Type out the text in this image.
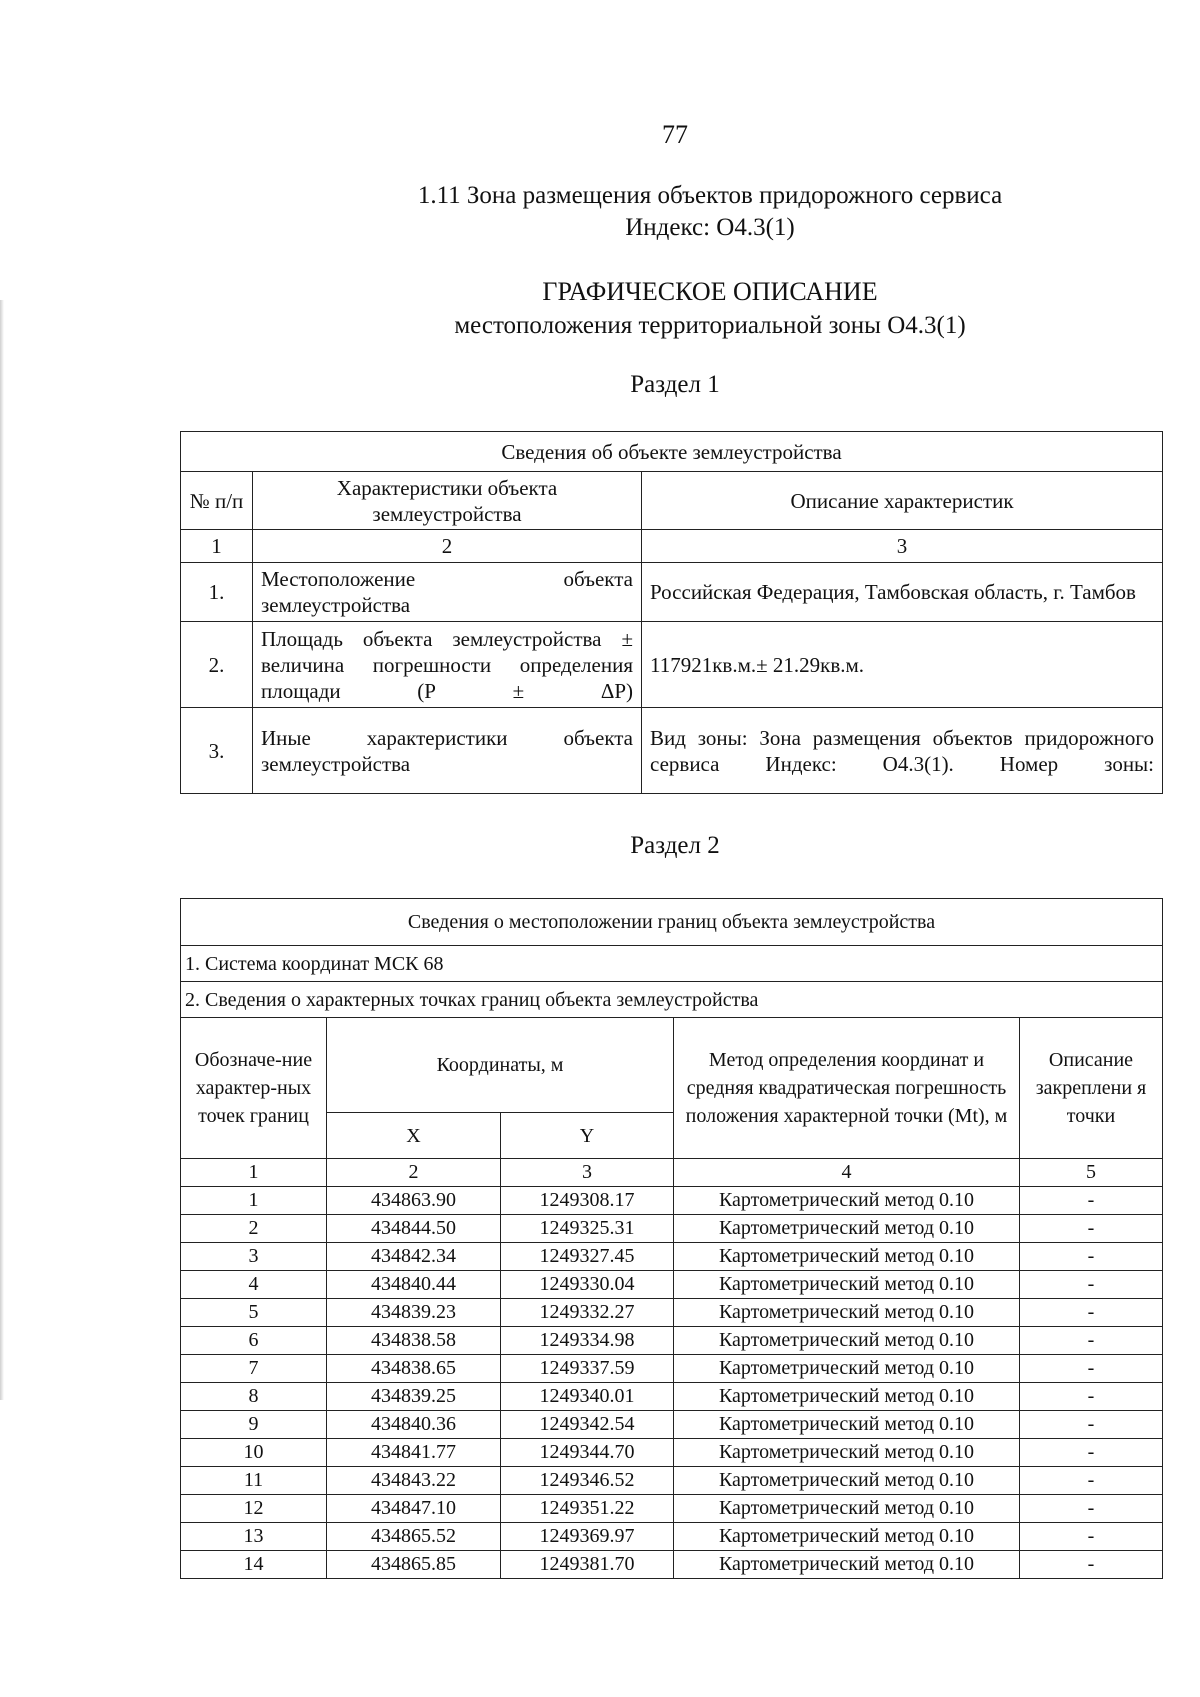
77
1.11 Зона размещения объектов придорожного сервиса
Индекс: О4.3(1)
ГРАФИЧЕСКОЕ ОПИСАНИЕ
местоположения территориальной зоны О4.3(1)
Раздел 1
Сведения об объекте землеустройства		
№ п/п	Характеристики объекта землеустройства	Описание характеристик
1	2	3
1.	Местоположение объекта землеустройства	Российская Федерация, Тамбовская область, г. Тамбов
2.	Площадь объекта землеустройства ± величина погрешности определения площади (Р ± ΔР)	117921кв.м.± 21.29кв.м.
3.	Иные характеристики объекта землеустройства	Вид зоны: Зона размещения объектов придорожного сервиса Индекс: О4.3(1). Номер зоны:
Раздел 2
Сведения о местоположении границ объекта землеустройства				
1. Система координат МСК 68				
2. Сведения о характерных точках границ объекта землеустройства				
Обозначе-ние характер-ных точек границ	Координаты, м		Метод определения координат и средняя квадратическая погрешность положения характерной точки (Мt), м	Описание закреплени я точки
	X	Y		
1	2	3	4	5
1	434863.90	1249308.17	Картометрический метод 0.10	-
2	434844.50	1249325.31	Картометрический метод 0.10	-
3	434842.34	1249327.45	Картометрический метод 0.10	-
4	434840.44	1249330.04	Картометрический метод 0.10	-
5	434839.23	1249332.27	Картометрический метод 0.10	-
6	434838.58	1249334.98	Картометрический метод 0.10	-
7	434838.65	1249337.59	Картометрический метод 0.10	-
8	434839.25	1249340.01	Картометрический метод 0.10	-
9	434840.36	1249342.54	Картометрический метод 0.10	-
10	434841.77	1249344.70	Картометрический метод 0.10	-
11	434843.22	1249346.52	Картометрический метод 0.10	-
12	434847.10	1249351.22	Картометрический метод 0.10	-
13	434865.52	1249369.97	Картометрический метод 0.10	-
14	434865.85	1249381.70	Картометрический метод 0.10	-
